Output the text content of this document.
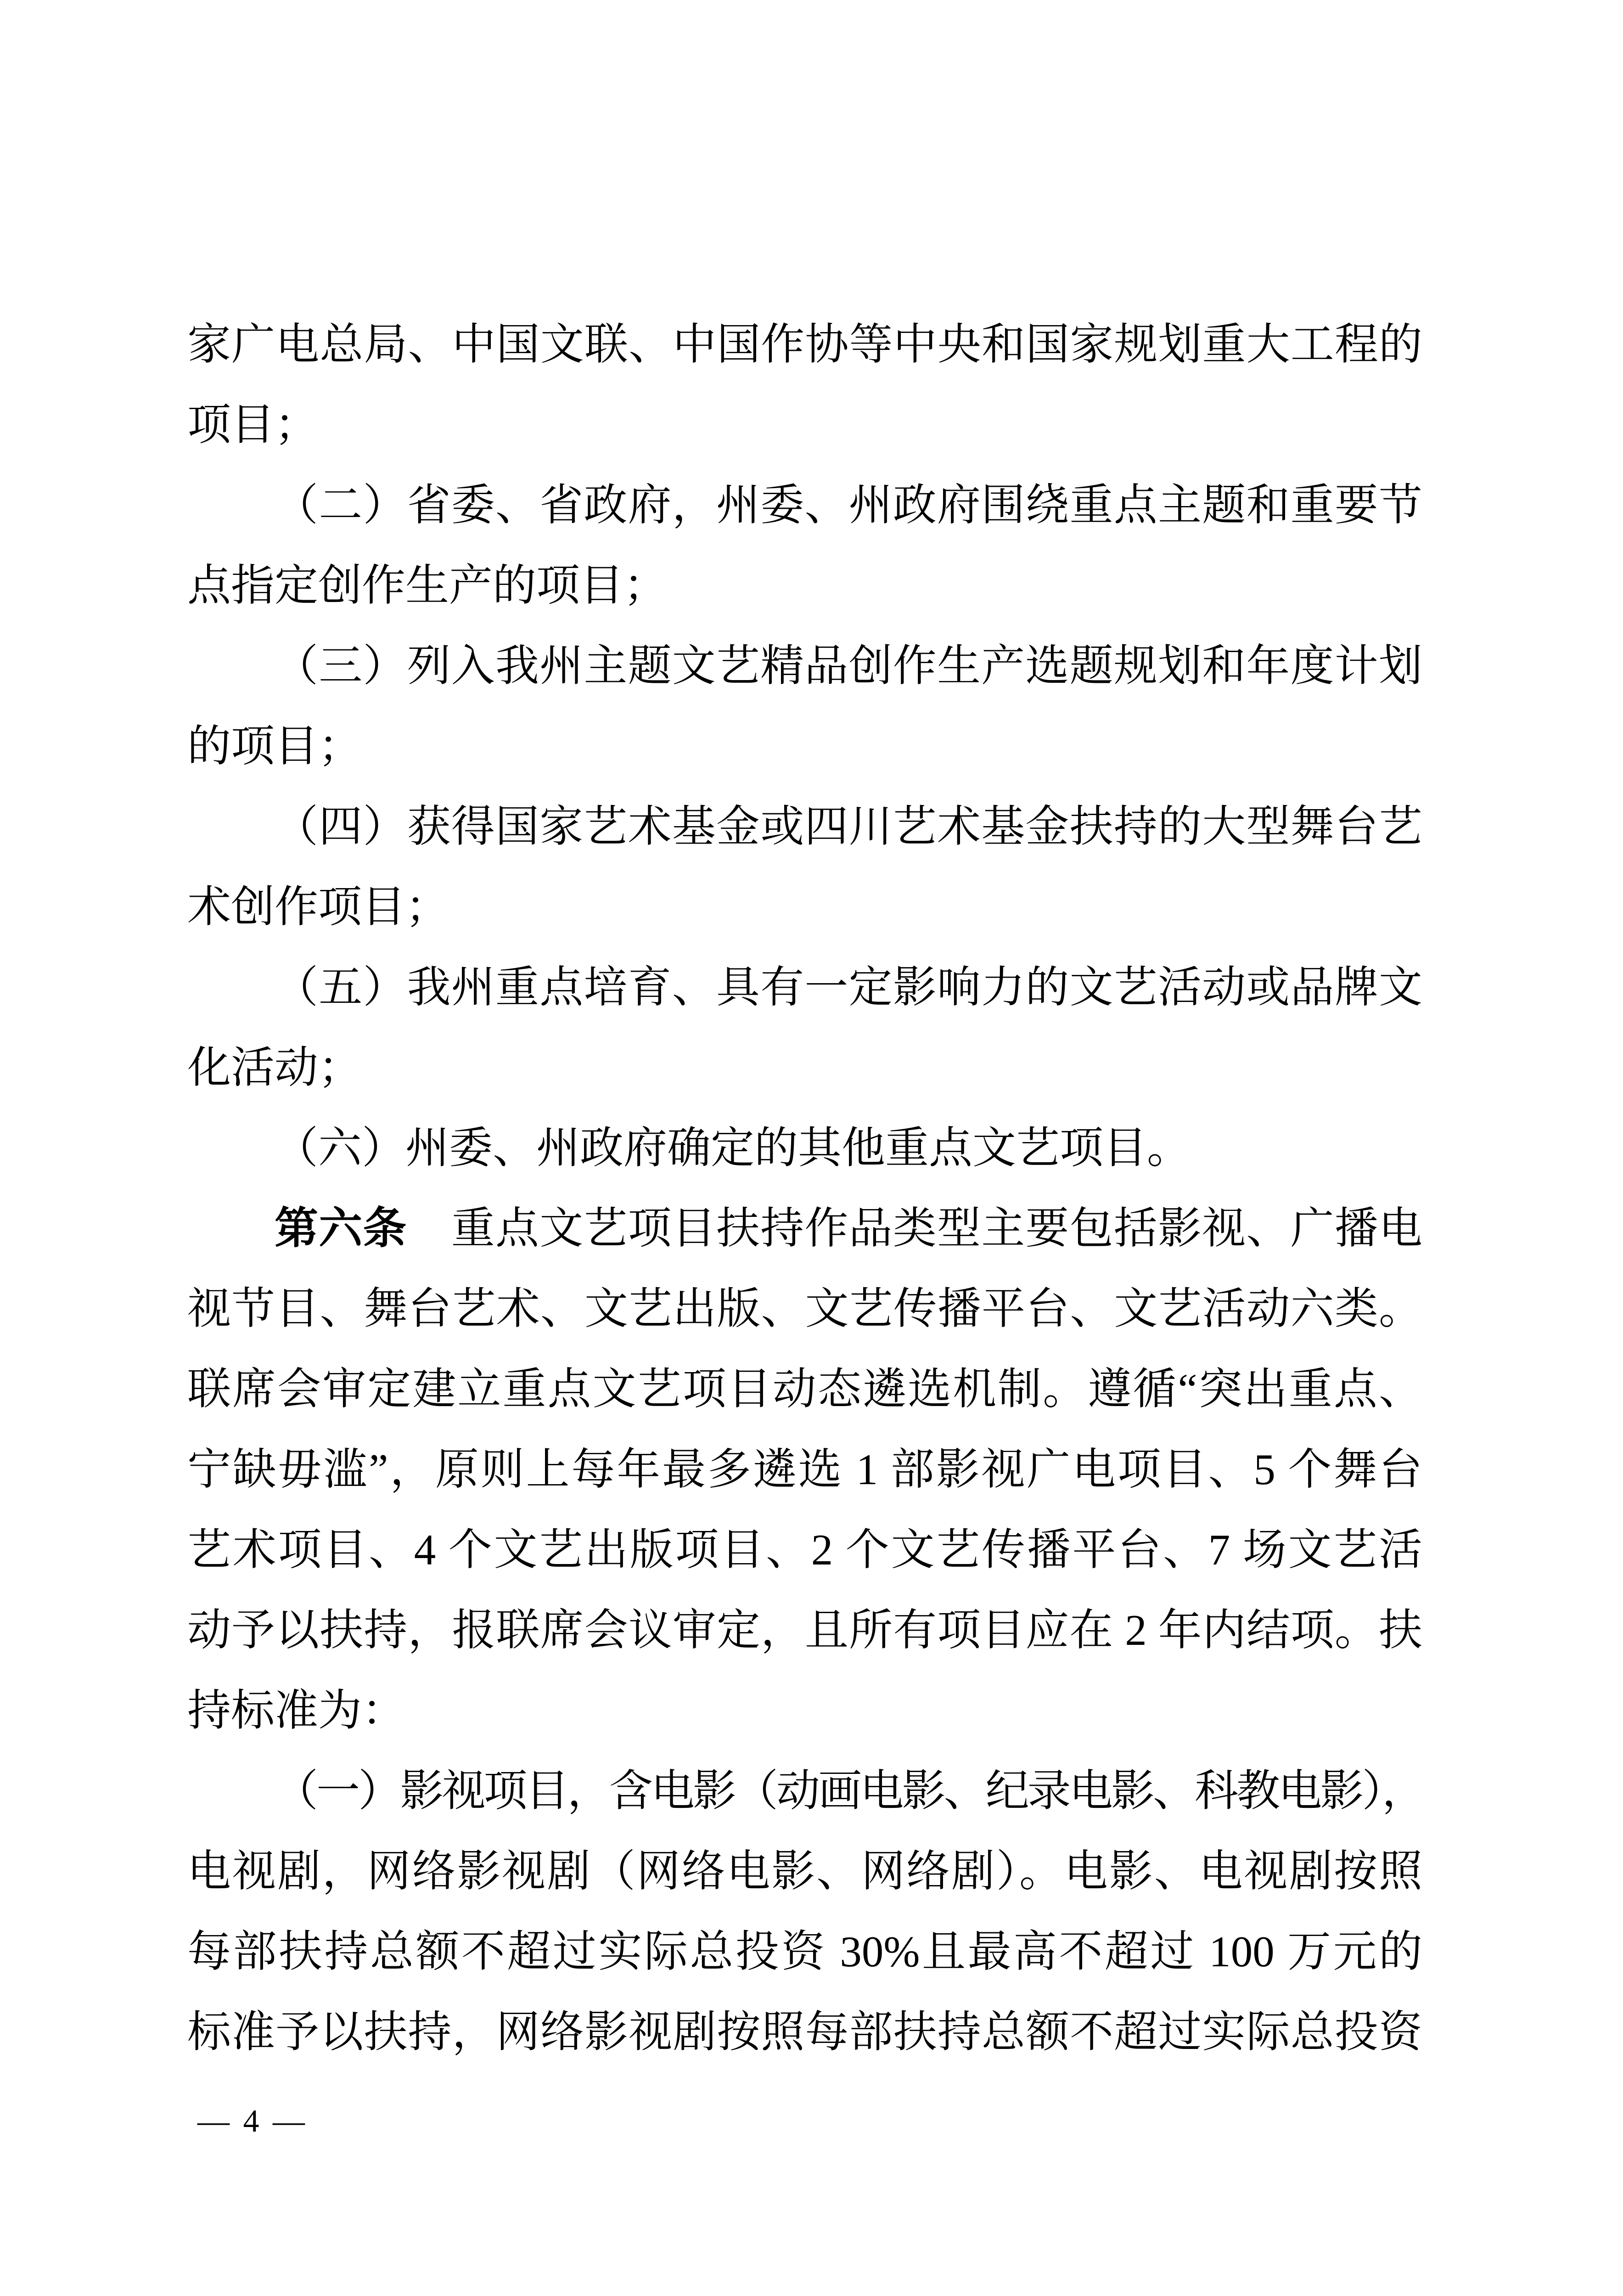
家广电总局、中国文联、中国作协等中央和国家规划重大工程的
项目；
（二）省委、省政府，州委、州政府围绕重点主题和重要节
点指定创作生产的项目；
（三）列入我州主题文艺精品创作生产选题规划和年度计划
的项目；
（四）获得国家艺术基金或四川艺术基金扶持的大型舞台艺
术创作项目；
（五）我州重点培育、具有一定影响力的文艺活动或品牌文
化活动；
（六）州委、州政府确定的其他重点文艺项目。
第六条　重点文艺项目扶持作品类型主要包括影视、广播电
视节目、舞台艺术、文艺出版、文艺传播平台、文艺活动六类。
联席会审定建立重点文艺项目动态遴选机制。遵循“突出重点、
宁缺毋滥”，原则上每年最多遴选 1 部影视广电项目、5 个舞台
艺术项目、4 个文艺出版项目、2 个文艺传播平台、7 场文艺活
动予以扶持，报联席会议审定，且所有项目应在 2 年内结项。扶
持标准为：
（一）影视项目，含电影（动画电影、纪录电影、科教电影），
电视剧，网络影视剧（网络电影、网络剧）。电影、电视剧按照
每部扶持总额不超过实际总投资 30%且最高不超过 100 万元的
标准予以扶持，网络影视剧按照每部扶持总额不超过实际总投资
— 4 —
